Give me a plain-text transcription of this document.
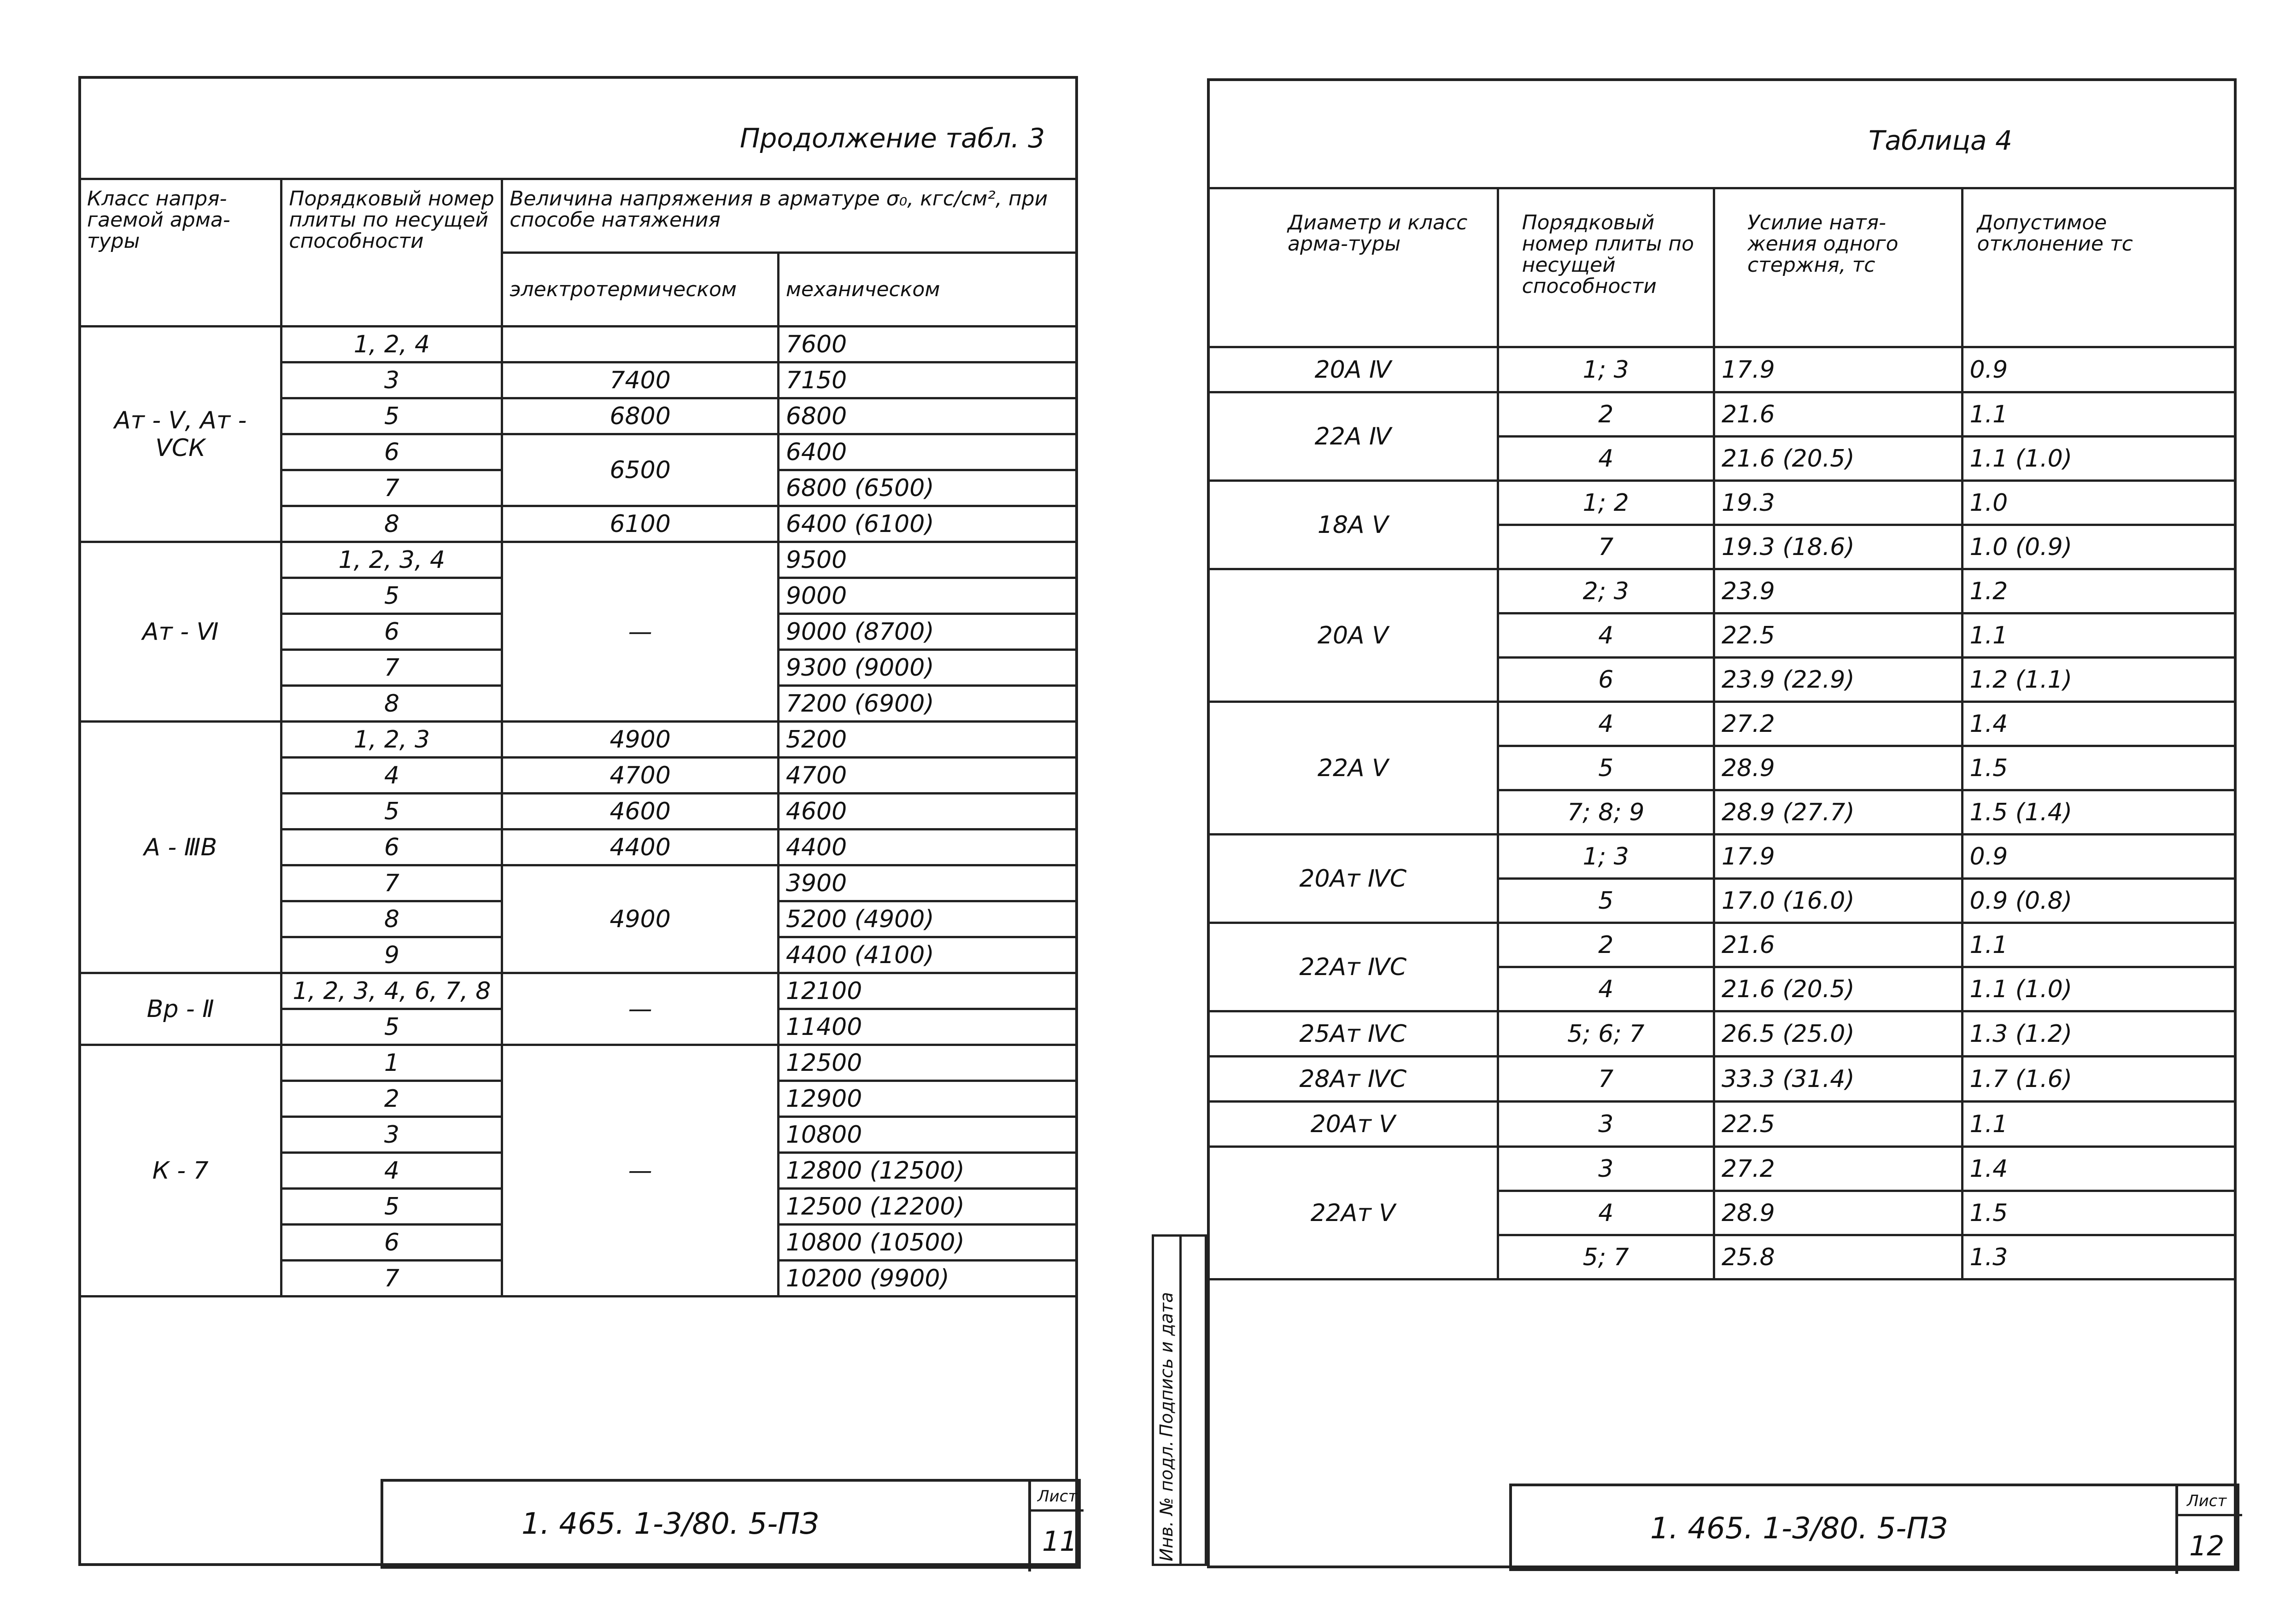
Продолжение табл. 3
Класс напря-гаемой арма-туры	Порядковый номер плиты по несущей способности	Величина напряжения в арматуре σ₀, кгс/см², при способе натяжения	
		электротермическом	механическом
Ат - Ⅴ, Ат - ⅤСК	1, 2, 4		7600
	3	7400	7150
	5	6800	6800
	6	6500	6400
	7		6800 (6500)
	8	6100	6400 (6100)
Ат - Ⅵ	1, 2, 3, 4	—	9500
	5		9000
	6		9000 (8700)
	7		9300 (9000)
	8		7200 (6900)
А - ⅢВ	1, 2, 3	4900	5200
	4	4700	4700
	5	4600	4600
	6	4400	4400
	7	4900	3900
	8		5200 (4900)
	9		4400 (4100)
Вр - Ⅱ	1, 2, 3, 4, 6, 7, 8	—	12100
	5		11400
К - 7	1	—	12500
	2		12900
	3		10800
	4		12800 (12500)
	5		12500 (12200)
	6		10800 (10500)
	7		10200 (9900)
1. 465. 1-3/80. 5-ПЗ
Лист
11
Таблица 4
Диаметр и класс арма-туры	Порядковый номер плиты по несущей способности	Усилие натя-жения одного стержня, тс	Допустимое отклонение тс
20А Ⅳ	1; 3	17.9	0.9
22А Ⅳ	2	21.6	1.1
	4	21.6 (20.5)	1.1 (1.0)
18А Ⅴ	1; 2	19.3	1.0
	7	19.3 (18.6)	1.0 (0.9)
20А Ⅴ	2; 3	23.9	1.2
	4	22.5	1.1
	6	23.9 (22.9)	1.2 (1.1)
22А Ⅴ	4	27.2	1.4
	5	28.9	1.5
	7; 8; 9	28.9 (27.7)	1.5 (1.4)
20Ат ⅣС	1; 3	17.9	0.9
	5	17.0 (16.0)	0.9 (0.8)
22Ат ⅣС	2	21.6	1.1
	4	21.6 (20.5)	1.1 (1.0)
25Ат ⅣС	5; 6; 7	26.5 (25.0)	1.3 (1.2)
28Ат ⅣС	7	33.3 (31.4)	1.7 (1.6)
20Ат Ⅴ	3	22.5	1.1
22Ат Ⅴ	3	27.2	1.4
	4	28.9	1.5
	5; 7	25.8	1.3
1. 465. 1-3/80. 5-ПЗ
Лист
12
Инв. № подл.
Подпись и дата
